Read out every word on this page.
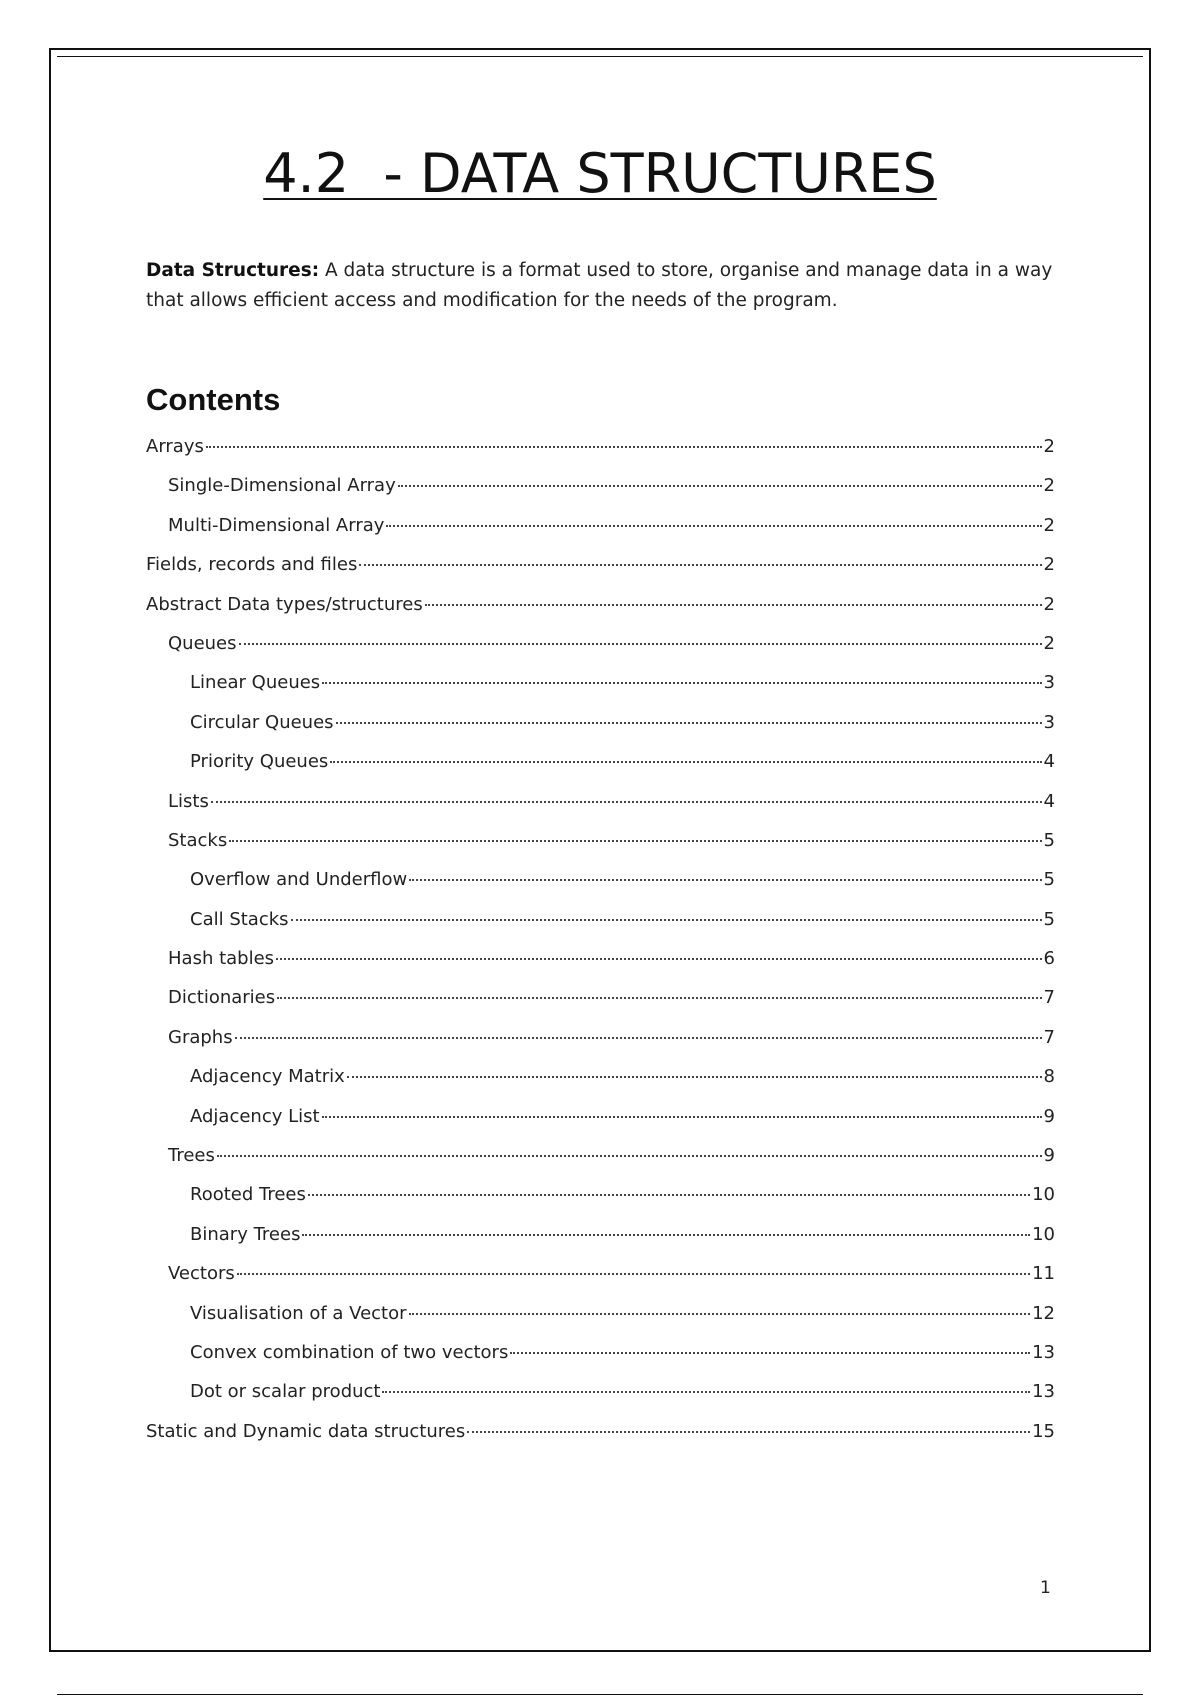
4.2  - DATA STRUCTURES
Data Structures: A data structure is a format used to store, organise and manage data in a way that allows efficient access and modification for the needs of the program.
Contents
Arrays	2
Single-Dimensional Array	2
Multi-Dimensional Array	2
Fields, records and files	2
Abstract Data types/structures	2
Queues	2
Linear Queues	3
Circular Queues	3
Priority Queues	4
Lists	4
Stacks	5
Overflow and Underflow	5
Call Stacks	5
Hash tables	6
Dictionaries	7
Graphs	7
Adjacency Matrix	8
Adjacency List	9
Trees	9
Rooted Trees	10
Binary Trees	10
Vectors	11
Visualisation of a Vector	12
Convex combination of two vectors	13
Dot or scalar product	13
Static and Dynamic data structures	15
1
